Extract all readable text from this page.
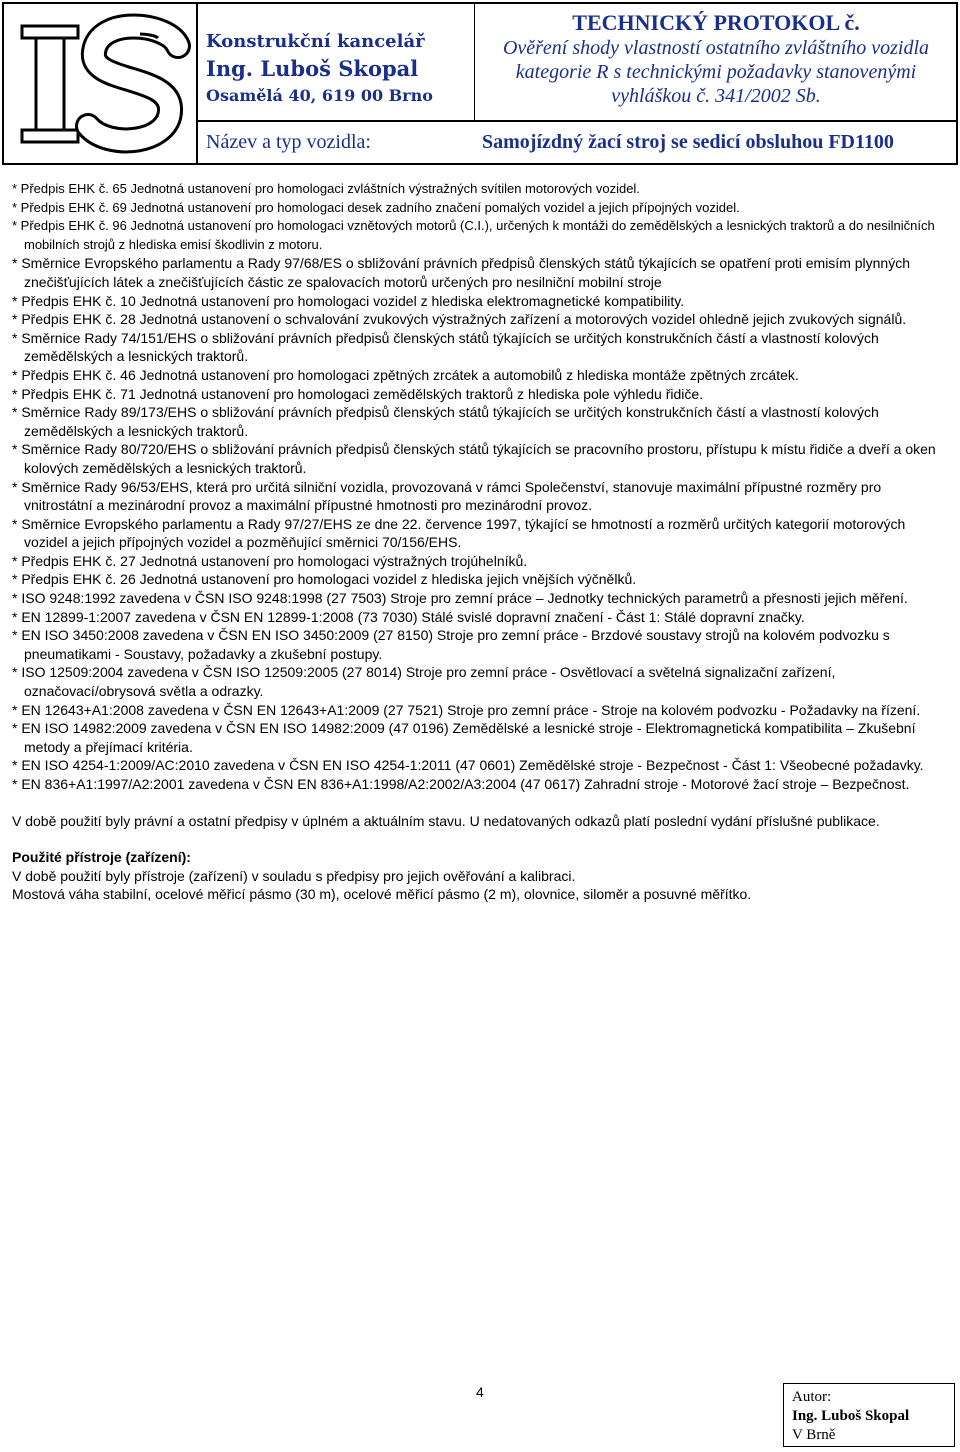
Konstrukční kancelář
Ing. Luboš Skopal
Osamělá 40, 619 00 Brno
TECHNICKÝ PROTOKOL č.
Ověření shody vlastností ostatního zvláštního vozidla
kategorie R s technickými požadavky stanovenými
vyhláškou č. 341/2002 Sb.
Název a typ vozidla:	Samojízdný žací stroj se sedicí obsluhou FD1100

* Předpis EHK č. 65 Jednotná ustanovení pro homologaci zvláštních výstražných svítilen motorových vozidel.

* Předpis EHK č. 69 Jednotná ustanovení pro homologaci desek zadního značení pomalých vozidel a jejich přípojných vozidel.

* Předpis EHK č. 96 Jednotná ustanovení pro homologaci vznětových motorů (C.I.), určených k montáži do zemědělských a lesnických traktorů a do nesilničních mobilních strojů z hlediska emisí škodlivin z motoru.

* Směrnice Evropského parlamentu a Rady 97/68/ES o sbližování právních předpisů členských států týkajících se opatření proti emisím plynných znečišťujících látek a znečišťujících částic ze spalovacích motorů určených pro nesilniční mobilní stroje

* Předpis EHK č. 10 Jednotná ustanovení pro homologaci vozidel z hlediska elektromagnetické kompatibility.

* Předpis EHK č. 28 Jednotná ustanovení o schvalování zvukových výstražných zařízení a motorových vozidel ohledně jejich zvukových signálů.

* Směrnice Rady 74/151/EHS o sbližování právních předpisů členských států týkajících se určitých konstrukčních částí a vlastností kolových zemědělských a lesnických traktorů.

* Předpis EHK č. 46 Jednotná ustanovení pro homologaci zpětných zrcátek a automobilů z hlediska montáže zpětných zrcátek.

* Předpis EHK č. 71 Jednotná ustanovení pro homologaci zemědělských traktorů z hlediska pole výhledu řidiče.

* Směrnice Rady 89/173/EHS o sbližování právních předpisů členských států týkajících se určitých konstrukčních částí a vlastností kolových zemědělských a lesnických traktorů.

* Směrnice Rady 80/720/EHS o sbližování právních předpisů členských států týkajících se pracovního prostoru, přístupu k místu řidiče a dveří a oken kolových zemědělských a lesnických traktorů.

* Směrnice Rady 96/53/EHS, která pro určitá silniční vozidla, provozovaná v rámci Společenství, stanovuje maximální přípustné rozměry pro vnitrostátní a mezinárodní provoz a maximální přípustné hmotnosti pro mezinárodní provoz.

* Směrnice Evropského parlamentu a Rady 97/27/EHS ze dne 22. července 1997, týkající se hmotností a rozměrů určitých kategorií motorových vozidel a jejich přípojných vozidel a pozměňující směrnici 70/156/EHS.

* Předpis EHK č. 27 Jednotná ustanovení pro homologaci výstražných trojúhelníků.

* Předpis EHK č. 26 Jednotná ustanovení pro homologaci vozidel z hlediska jejich vnějších výčnělků.

* ISO 9248:1992 zavedena v ČSN ISO 9248:1998 (27 7503) Stroje pro zemní práce – Jednotky technických parametrů a přesnosti jejich měření.

* EN 12899-1:2007 zavedena v ČSN EN 12899-1:2008 (73 7030) Stálé svislé dopravní značení - Část 1: Stálé dopravní značky.

* EN ISO 3450:2008 zavedena v ČSN EN ISO 3450:2009 (27 8150) Stroje pro zemní práce - Brzdové soustavy strojů na kolovém podvozku s pneumatikami - Soustavy, požadavky a zkušební postupy.

* ISO 12509:2004 zavedena v ČSN ISO 12509:2005 (27 8014) Stroje pro zemní práce - Osvětlovací a světelná signalizační zařízení, označovací/obrysová světla a odrazky.

* EN 12643+A1:2008 zavedena v ČSN EN 12643+A1:2009 (27 7521) Stroje pro zemní práce - Stroje na kolovém podvozku - Požadavky na řízení.

* EN ISO 14982:2009 zavedena v ČSN EN ISO 14982:2009 (47 0196) Zemědělské a lesnické stroje - Elektromagnetická kompatibilita – Zkušební metody a přejímací kritéria.

* EN ISO 4254-1:2009/AC:2010 zavedena v ČSN EN ISO 4254-1:2011 (47 0601) Zemědělské stroje - Bezpečnost - Část 1: Všeobecné požadavky.

* EN 836+A1:1997/A2:2001 zavedena v ČSN EN 836+A1:1998/A2:2002/A3:2004 (47 0617) Zahradní stroje - Motorové žací stroje – Bezpečnost.

V době použití byly právní a ostatní předpisy v úplném a aktuálním stavu. U nedatovaných odkazů platí poslední vydání příslušné publikace.

Použité přístroje (zařízení):

V době použití byly přístroje (zařízení) v souladu s předpisy pro jejich ověřování a kalibraci.

Mostová váha stabilní, ocelové měřicí pásmo (30 m), ocelové měřicí pásmo (2 m), olovnice, siloměr a posuvné měřítko.

4	Autor:
Ing. Luboš Skopal
V Brně
